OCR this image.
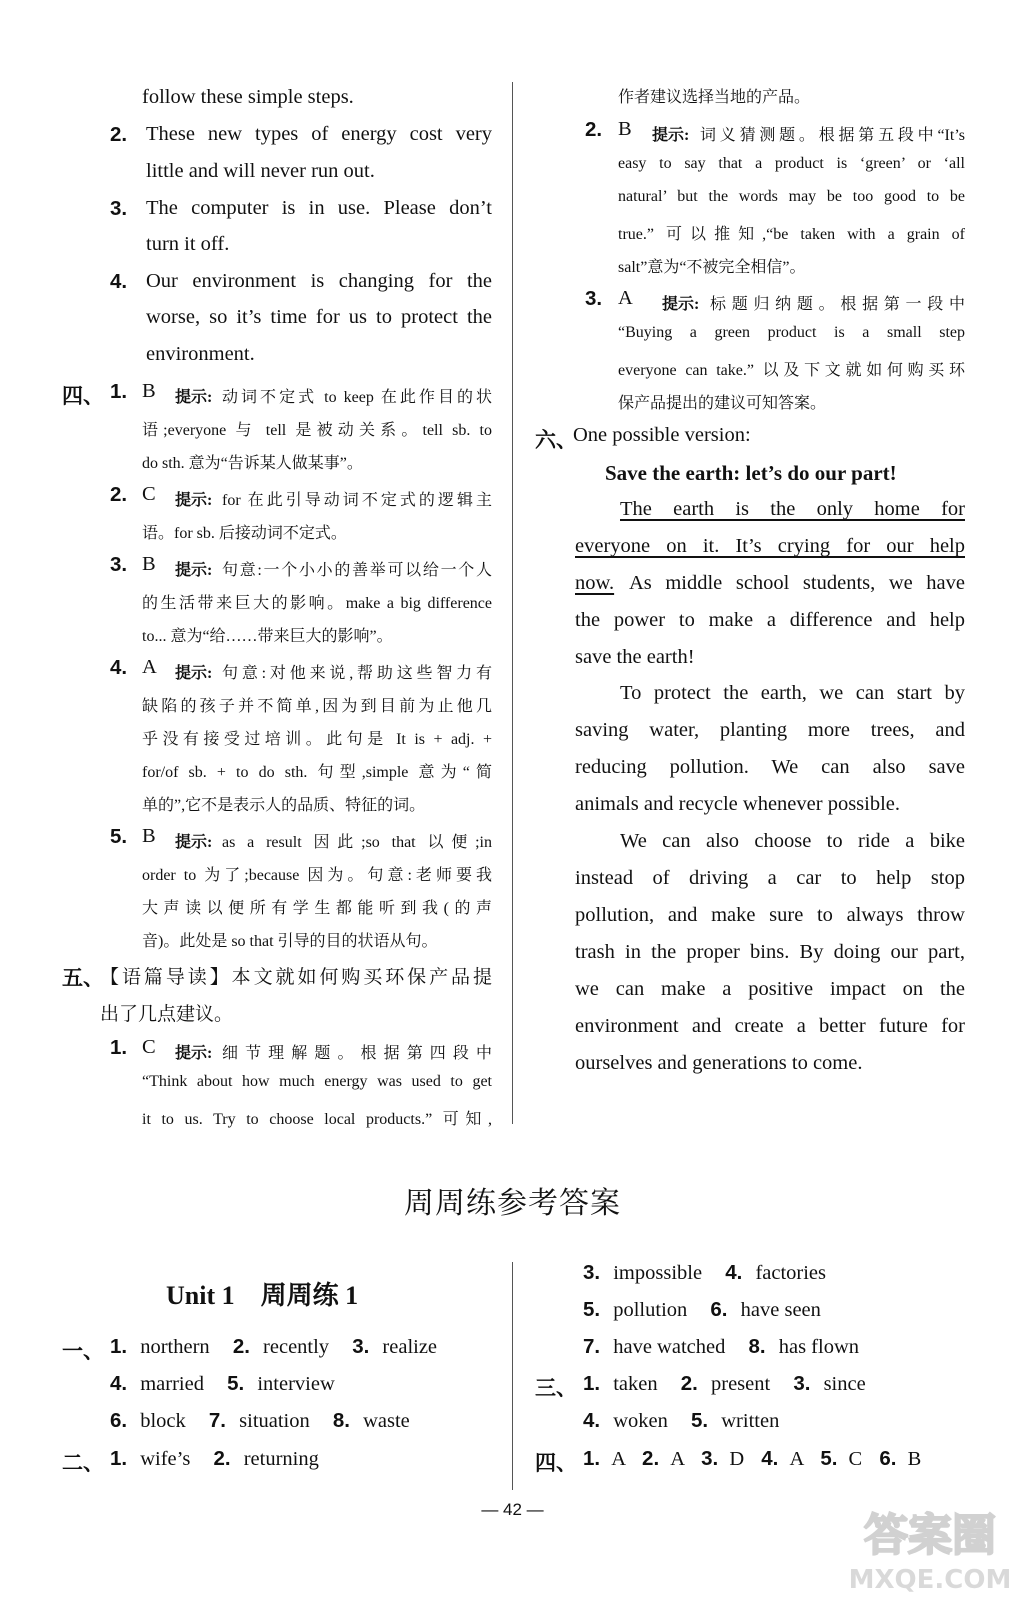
follow these simple steps.
2. These new types of energy cost very
little and will never run out.
3. The computer is in use. Please don’t
turn it off.
4. Our environment is changing for the
worse, so it’s time for us to protect the
environment.
四、 1. B 提示: 动词不定式 to keep 在此作目的状
语;everyone 与 tell 是被动关系。tell sb. to
do sth. 意为“告诉某人做某事”。
2. C 提示: for 在此引导动词不定式的逻辑主
语。for sb. 后接动词不定式。
3. B 提示: 句意:一个小小的善举可以给一个人
的生活带来巨大的影响。make a big difference
to... 意为“给……带来巨大的影响”。
4. A 提示: 句意:对他来说,帮助这些智力有
缺陷的孩子并不简单,因为到目前为止他几
乎没有接受过培训。此句是 It is + adj. +
for/of sb. + to do sth. 句型,simple 意为“简
单的”,它不是表示人的品质、特征的词。
5. B 提示: as a result 因此;so that 以便;in
order to 为了;because 因为。句意:老师要我
大声读以便所有学生都能听到我(的声
音)。此处是 so that 引导的目的状语从句。
五、
【语篇导读】本文就如何购买环保产品提
出了几点建议。
1. C 提示: 细节理解题。根据第四段中
“Think about how much energy was used to get
it to us. Try to choose local products.” 可知,
作者建议选择当地的产品。
2. B 提示: 词义猜测题。根据第五段中“It’s
easy to say that a product is ‘green’ or ‘all
natural’ but the words may be too good to be
true.” 可以推知,“be taken with a grain of
salt”意为“不被完全相信”。
3. A 提示: 标题归纳题。根据第一段中
“Buying a green product is a small step
everyone can take.” 以及下文就如何购买环
保产品提出的建议可知答案。
六、
One possible version:
Save the earth: let’s do our part!
The earth is the only home for
everyone on it. It’s crying for our help
now. As middle school students, we have
the power to make a difference and help
save the earth!
To protect the earth, we can start by
saving water, planting more trees, and
reducing pollution. We can also save
animals and recycle whenever possible.
We can also choose to ride a bike
instead of driving a car to help stop
pollution, and make sure to always throw
trash in the proper bins. By doing our part,
we can make a positive impact on the
environment and create a better future for
ourselves and generations to come.
周周练参考答案
Unit 1　周周练 1
一、 1. northern 2. recently 3. realize
4. married 5. interview
6. block 7. situation 8. waste
二、 1. wife’s 2. returning
3. impossible 4. factories
5. pollution 6. have seen
7. have watched 8. has flown
三、 1. taken 2. present 3. since
4. woken 5. written
四、 1. A 2. A 3. D 4. A 5. C 6. B
— 42 —
答案圈
MXQE.COM
